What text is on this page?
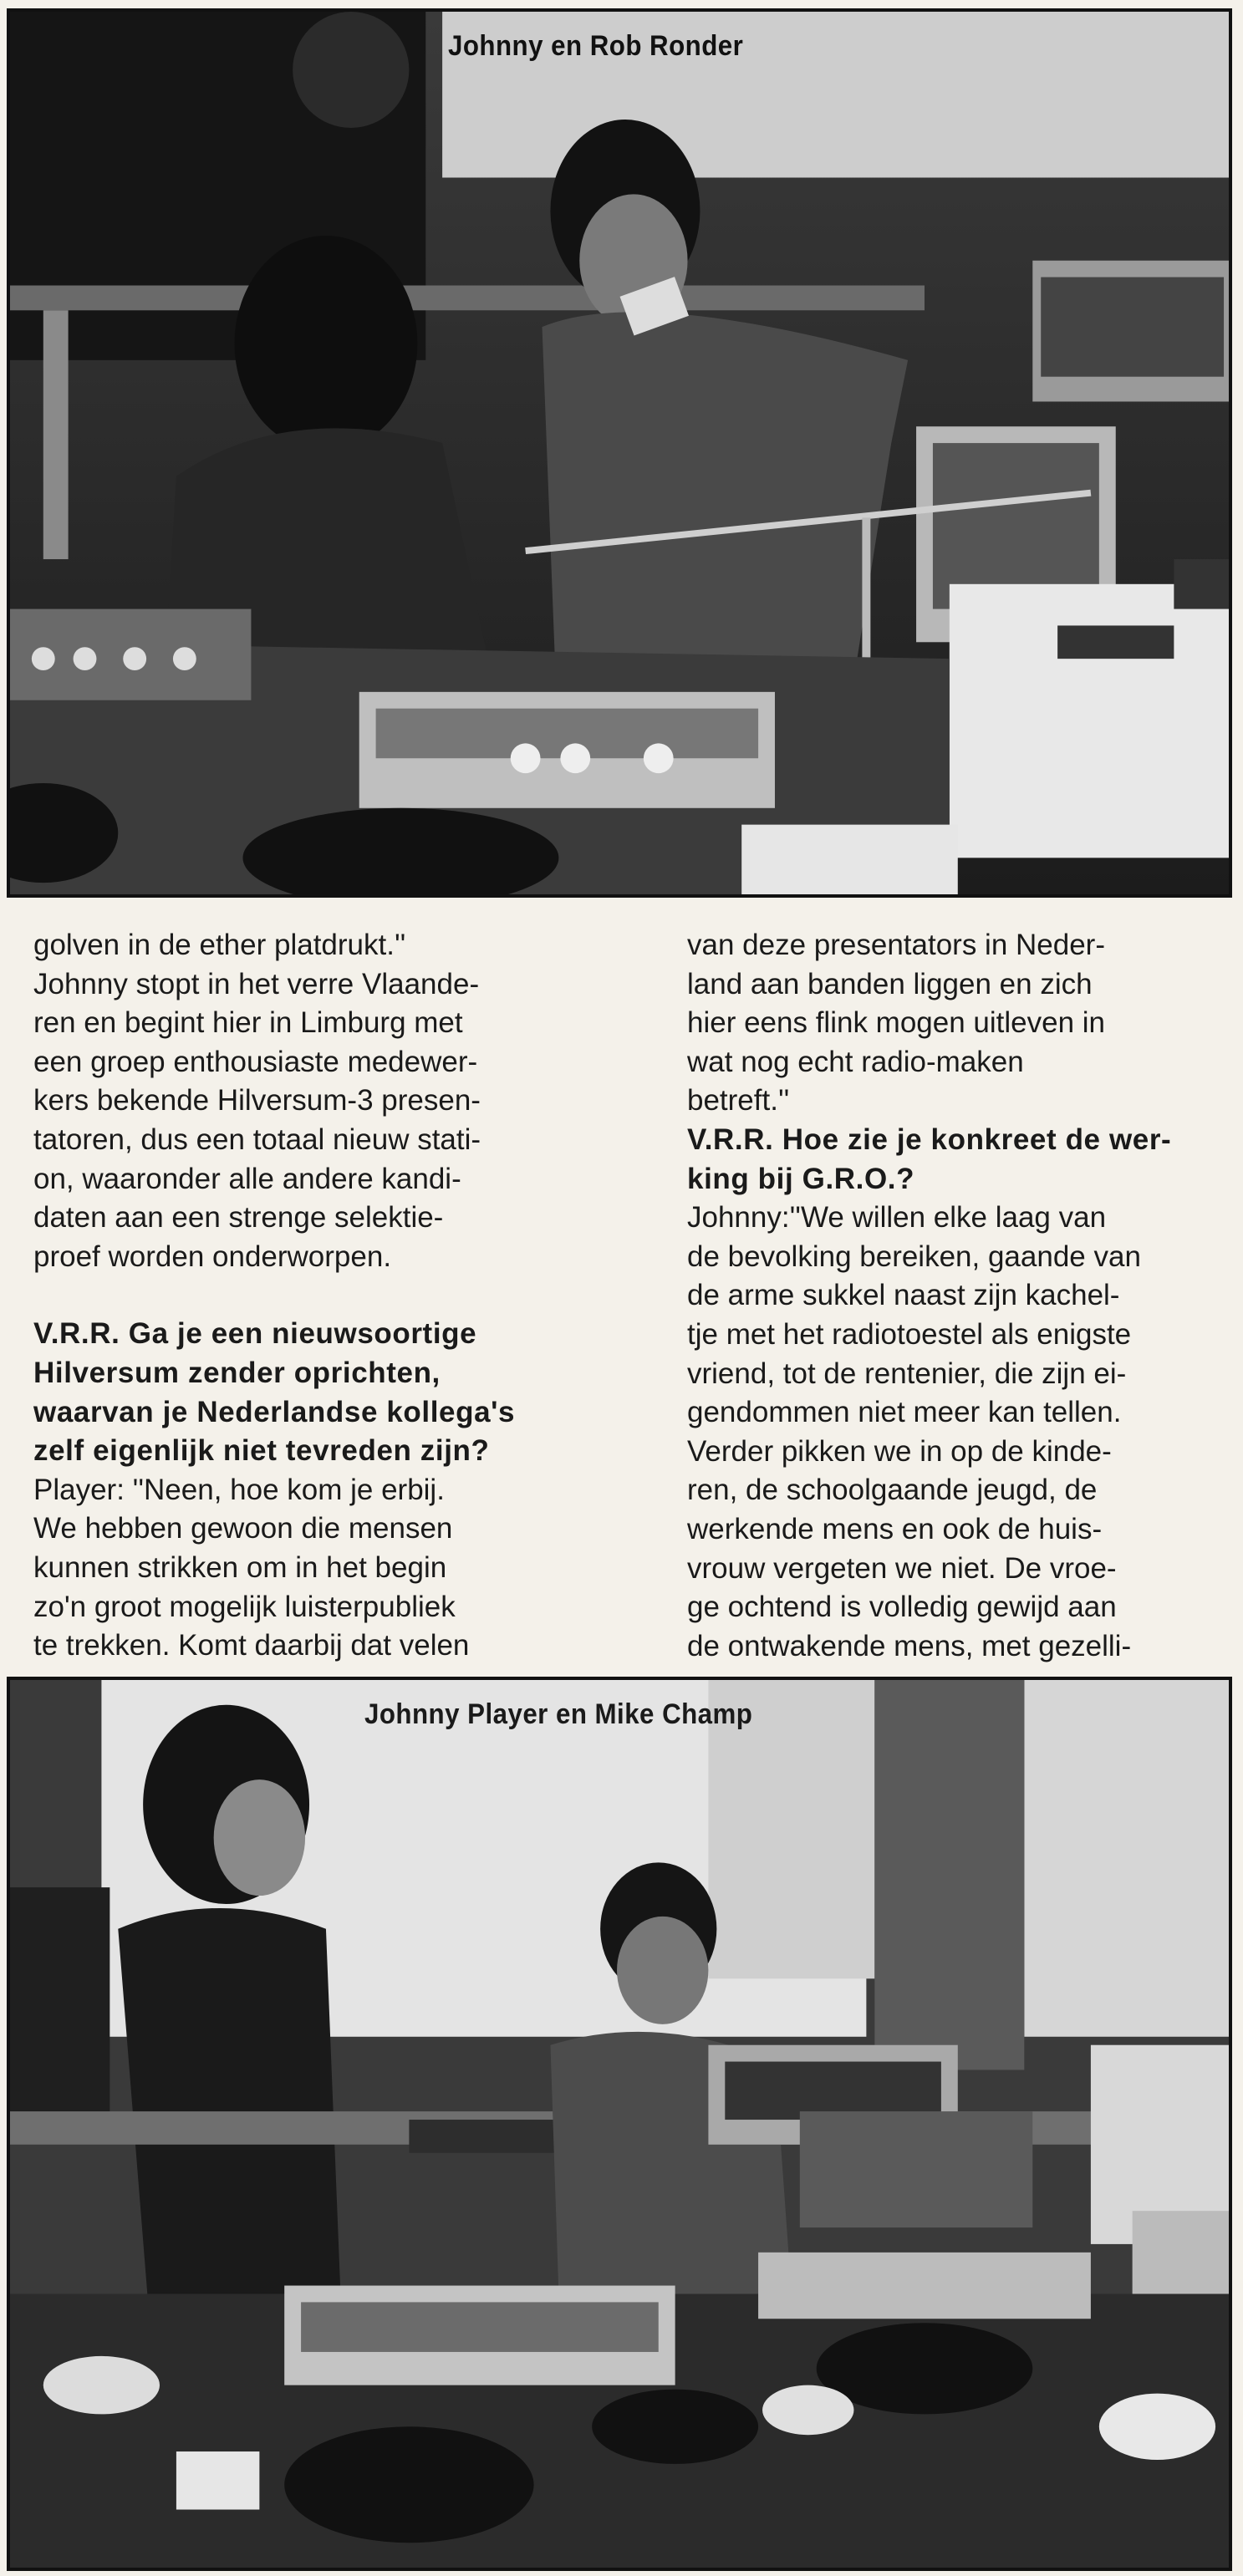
Johnny en Rob Ronder

golven in de ether platdrukt.''
Johnny stopt in het verre Vlaande-
ren en begint hier in Limburg met
een groep enthousiaste medewer-
kers bekende Hilversum-3 presen-
tatoren, dus een totaal nieuw stati-
on, waaronder alle andere kandi-
daten aan een strenge selektie-
proef worden onderworpen.

V.R.R. Ga je een nieuwsoortige
Hilversum zender oprichten,
waarvan je Nederlandse kollega's
zelf eigenlijk niet tevreden zijn?

Player: ''Neen, hoe kom je erbij.
We hebben gewoon die mensen
kunnen strikken om in het begin
zo'n groot mogelijk luisterpubliek
te trekken. Komt daarbij dat velen

van deze presentators in Neder-
land aan banden liggen en zich
hier eens flink mogen uitleven in
wat nog echt radio-maken
betreft.''

V.R.R. Hoe zie je konkreet de wer-
king bij G.R.O.?

Johnny:''We willen elke laag van
de bevolking bereiken, gaande van
de arme sukkel naast zijn kachel-
tje met het radiotoestel als enigste
vriend, tot de rentenier, die zijn ei-
gendommen niet meer kan tellen.
Verder pikken we in op de kinde-
ren, de schoolgaande jeugd, de
werkende mens en ook de huis-
vrouw vergeten we niet. De vroe-
ge ochtend is volledig gewijd aan
de ontwakende mens, met gezelli-

Johnny Player en Mike Champ
